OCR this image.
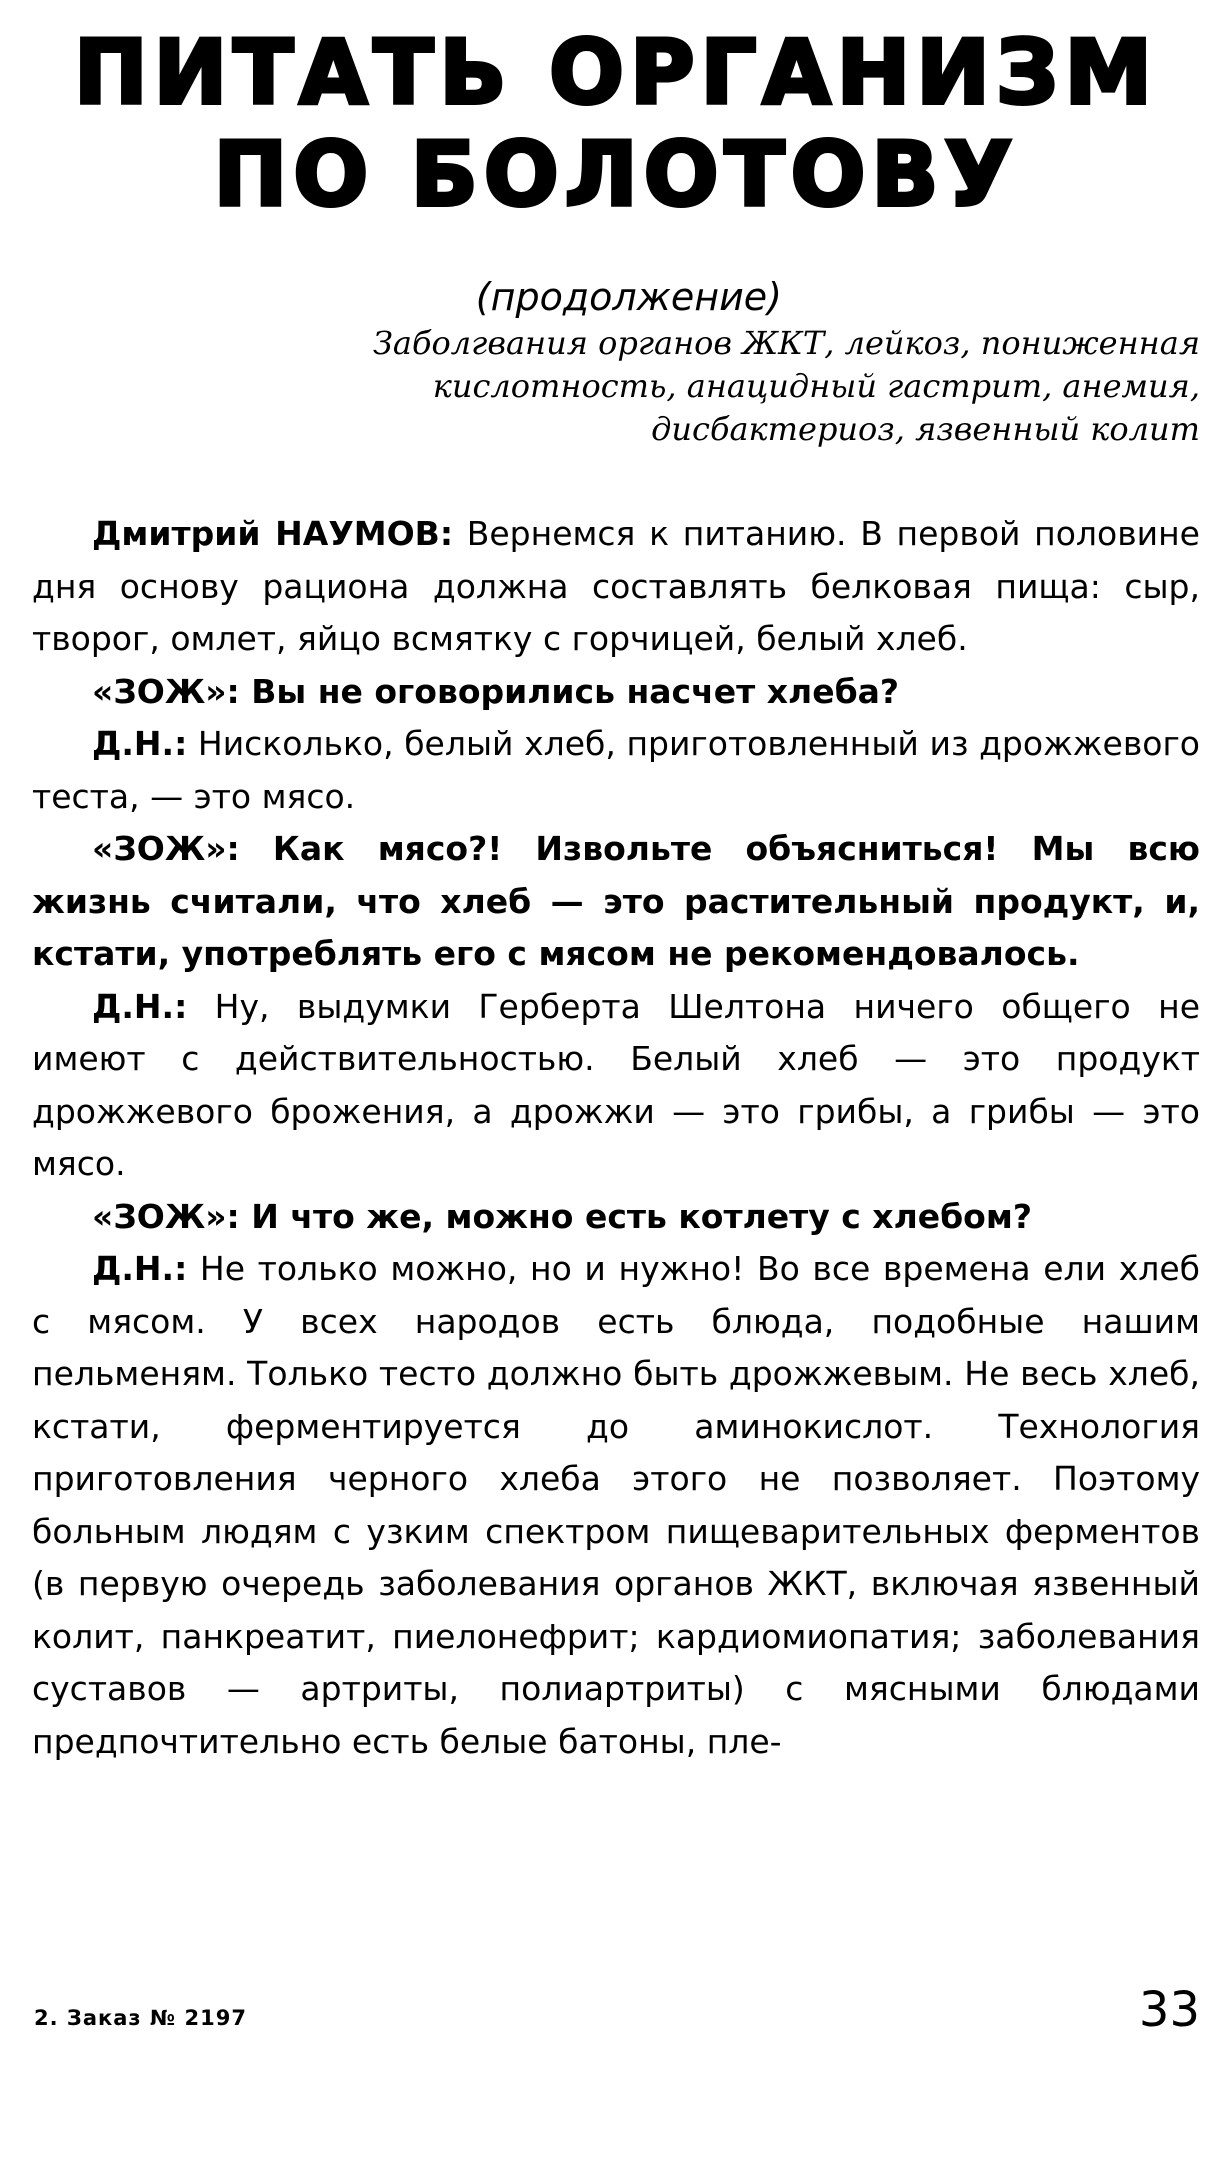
ПИТАТЬ ОРГАНИЗМ
ПО БОЛОТОВУ
(продолжение)
Заболгвания органов ЖКТ, лейкоз, пониженная
кислотность, анацидный гастрит, анемия,
дисбактериоз, язвенный колит

Дмитрий НАУМОВ: Вернемся к питанию. В первой половине дня основу рациона должна составлять белковая пища: сыр, творог, омлет, яйцо всмятку с горчицей, белый хлеб.

«ЗОЖ»: Вы не оговорились насчет хлеба?

Д.Н.: Нисколько, белый хлеб, приготовленный из дрожжевого теста, — это мясо.

«ЗОЖ»: Как мясо?! Извольте объясниться! Мы всю жизнь считали, что хлеб — это растительный продукт, и, кстати, употреблять его с мясом не рекомендовалось.

Д.Н.: Ну, выдумки Герберта Шелтона ничего общего не имеют с действительностью. Белый хлеб — это продукт дрожжевого брожения, а дрожжи — это грибы, а грибы — это мясо.

«ЗОЖ»: И что же, можно есть котлету с хлебом?

Д.Н.: Не только можно, но и нужно! Во все времена ели хлеб с мясом. У всех народов есть блюда, подобные нашим пельменям. Только тесто должно быть дрожжевым. Не весь хлеб, кстати, ферментируется до аминокислот. Технология приготовления черного хлеба этого не позволяет. Поэтому больным людям с узким спектром пищеварительных ферментов (в первую очередь заболевания органов ЖКТ, включая язвенный колит, панкреатит, пиелонефрит; кардиомиопатия; заболевания суставов — артриты, полиартриты) с мясными блюдами предпочтительно есть белые батоны, пле-

2. Заказ № 2197	33
